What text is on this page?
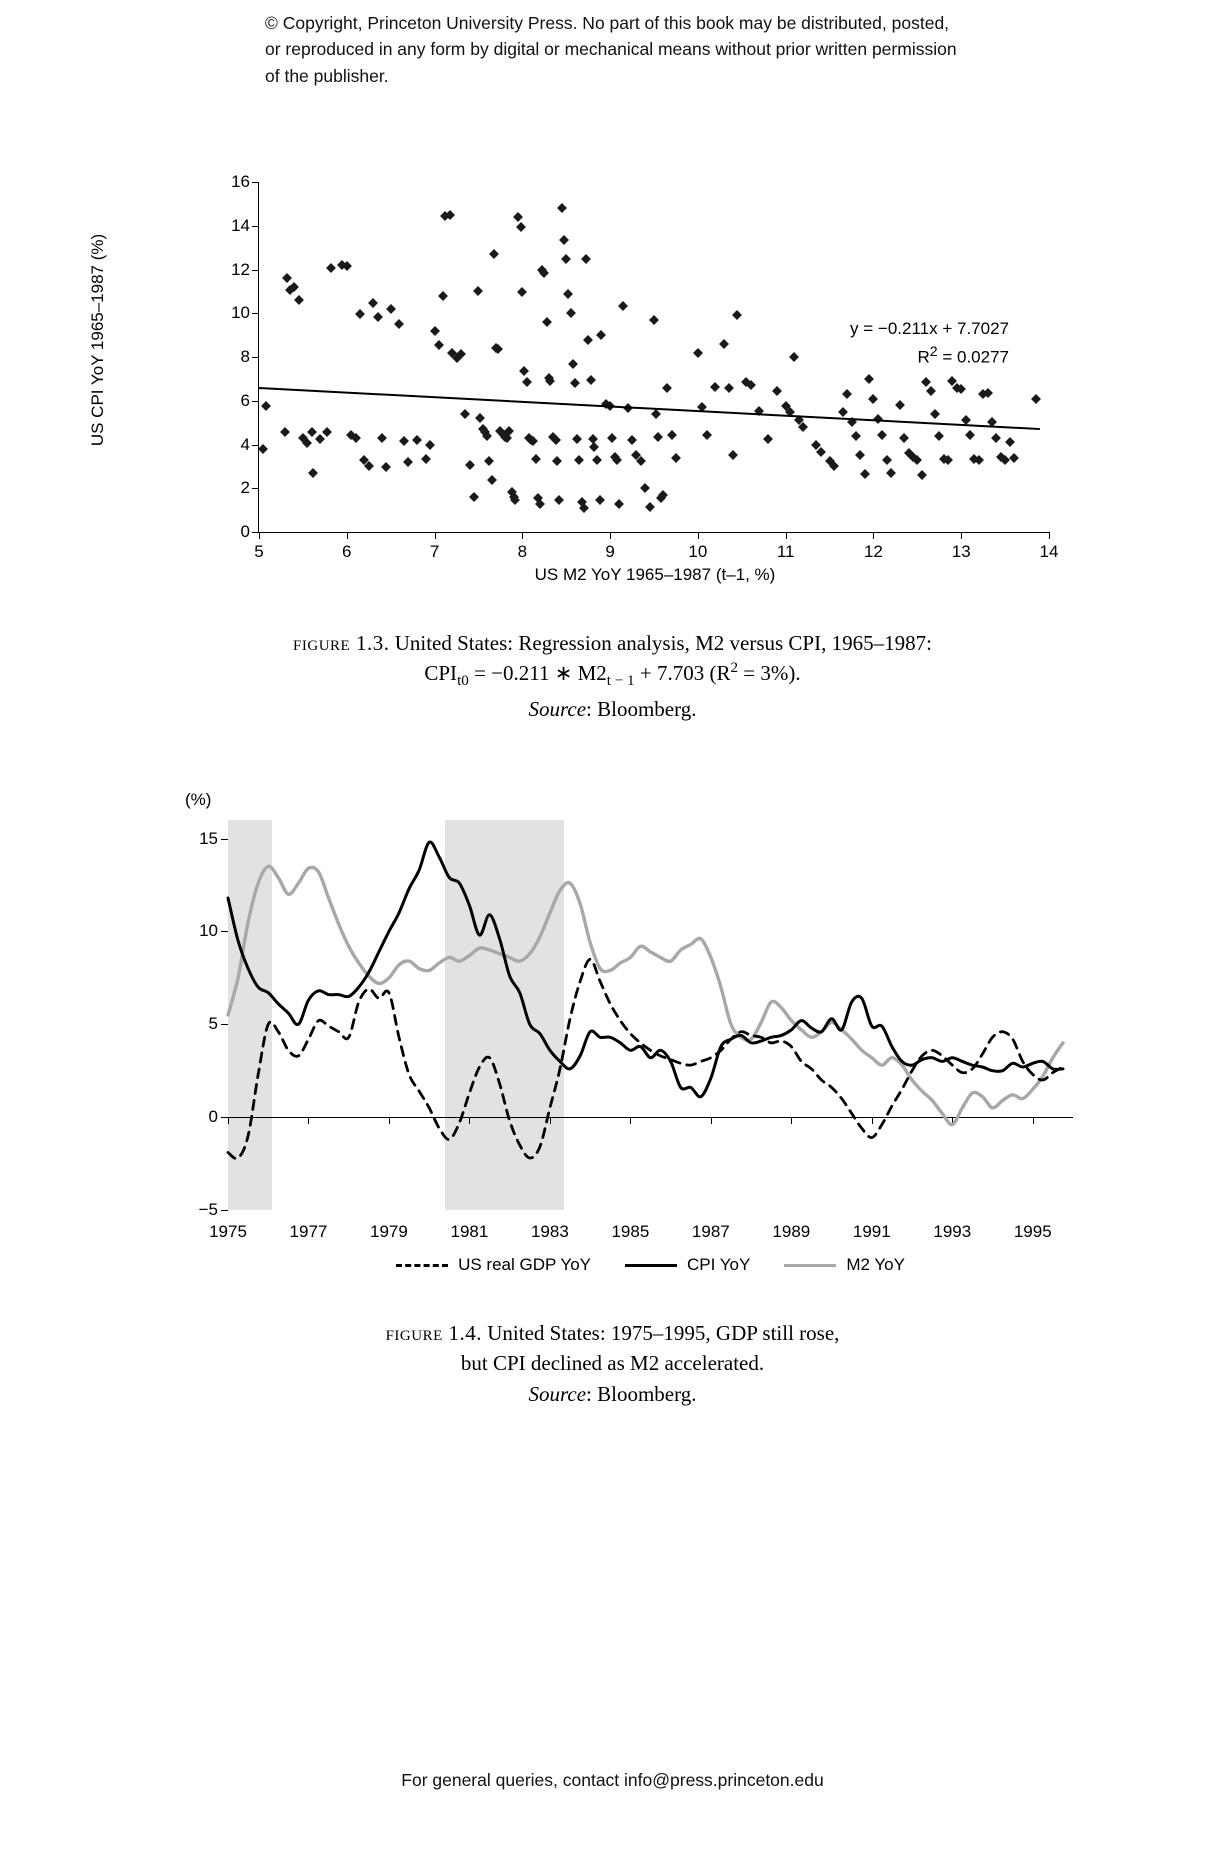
© Copyright, Princeton University Press. No part of this book may be distributed, posted, or reproduced in any form by digital or mechanical means without prior written permission of the publisher.
US CPI YoY 1965–1987 (%)
US M2 YoY 1965–1987 (t–1, %)
y = −0.211x + 7.7027
$R^2 = 0.0277$
0
2
4
6
8
10
12
14
16
5	6	7	8	9	10	11	12	13	14
figure 1.3. United States: Regression analysis, M2 versus CPI, 1965–1987:
$CPI_{t0} = -0.211$ ∗ $M2_{t - 1} + 7.703$ $(R^2 = 3\%)$.
Source: Bloomberg.
(%)
−5
0
5
10
15
1975	1977	1979	1981	1983	1985	1987	1989	1991	1993	1995
US real GDP YoY	CPI YoY	M2 YoY
figure 1.4. United States: 1975–1995, GDP still rose,
but CPI declined as M2 accelerated.
Source: Bloomberg.
For general queries, contact info@press.princeton.edu
